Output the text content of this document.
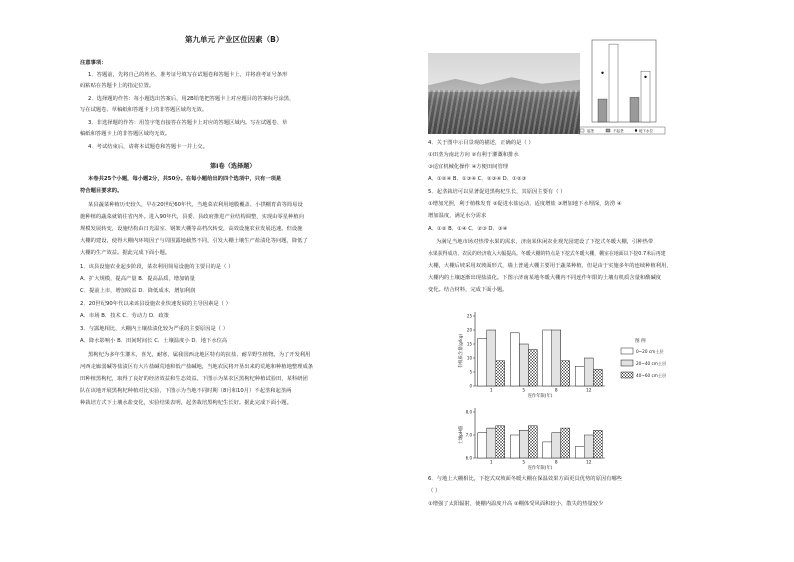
第九单元 产业区位因素（B）
注意事项：
1．答题前，先将自己的姓名、准考证号填写在试题卷和答题卡上，并将准考证号条形
码粘贴在答题卡上的指定位置。
2．选择题的作答：每小题选出答案后，用2B铅笔把答题卡上对应题目的答案标号涂黑，
写在试题卷、草稿纸和答题卡上的非答题区域均无效。
3．非选择题的作答：用签字笔直接答在答题卡上对应的答题区域内。写在试题卷、草
稿纸和答题卡上的非答题区域均无效。
4．考试结束后，请将本试题卷和答题卡一并上交。
第Ⅰ卷（选择题）
本卷共25个小题，每小题2分，共50分。在每小题给出的四个选项中，只有一项是
符合题目要求的。
某县蔬菜种植历史较久，早在20世纪60年代，当地菜农利用地膜覆盖、小拱棚育苗等简易设
施种植的蔬菜就销往省内外。进入90年代，县委、县政府推进产业结构调整，实现由零星种植向
规模发展转变，设施结构由日光温室、钢架大棚等高档次转变，高效设施农业发展迅速。但设施
大棚的建设，使得大棚内环境因子与周围露地截然不同，引发大棚土壤生产盐渍化等问题，降低了
大棚的生产效益。据此完成下面小题。
1．该县设施农业起步阶段，菜农利用简易设施的主要目的是（ ）
A．扩大规模，提高产量 B．提高品质，增加销量
C．提前上市，增加收益 D．降低成本，增加利润
2．20世纪90年代以来该县设施农业快速发展的主导因素是（ ）
A．市场 B．技术 C．劳动力 D．政策
3．与露地相比，大棚内土壤盐渍化较为严重的主要原因是（ ）
A．降水影响小 B．田间时间长 C．土壤温度小 D．地下水位高
黑枸杞为多年生灌木，喜光，耐寒，属我国西北地区特有的抗盐、耐旱野生植物。为了开发利用
河西走廊弱碱等盐渍区有大片盐碱荒地和低产盐碱地，当地农民将开垦出来的荒地和种植地整理成条
田种植黑枸杞，取得了良好的经济效益和生态效益。下图示为某农区黑枸杞种植试验田，某科研团
队在该地开展黑枸杞种植对比实验，下图示为当地不同时期（8月和10月）不起垄和起垄两
种栽培方式下土壤水盐变化，实验结果表明，起垄栽培黑枸杞生长好。据此完成下面小题。
起垄	不起垄	地下水位
4．关于图中示目景观的描述，正确的是（ ）
①田垄为南北方向 ②有利于灌溉和排水
③适宜机械化操作 ④方便田间管理
A．①②④ B．①③④ C．②③④ D．①②③
5．起垄栽培可以显著促进黑枸杞生长，其原因主要有（ ）
①增加光照，利于植株发育 ②促进水盐运动，适度增盐 ③增加地下水埋深，防涝 ④
增加温度，满足水分需求
A．①② B．①④ C．②③ D．③④
为满足当地市场对热带水果的需求，济南某休闲农业观光园建设了下挖式冬暖大棚，引种热带
水果获得成功，农民的经济收入大幅提高。冬暖大棚的特点是下挖式冬暖大棚，棚室在地面以下挖0.7米后再建
大棚，大棚后坡采用双坡面形式，墙上普通大棚主要用于蔬菜种植，但是由于实施多年的连续种植利用，
大棚内的土壤逐渐出现盐渍化。下图示济南某地冬暖大棚内不同连作年限的土壤有机质含量和酸碱度
变化。结合材料，完成下面小题。
0
5
10
15
20
25
有机质含量(g/kg)
1	5	8	12
连作年限(年)
图 例
0~20 cm土层
20~40 cm土层
40~60 cm土层
6.0
7.0
8.0
土壤pH值
1	5	8	12
连作年限(年)
6．与地上大棚相比，下挖式双坡面冬暖大棚在保温效果方面更具优势的原因有哪些
（ ）
①增强了太阳辐射，使棚内温度升高 ②棚体受风面积较小，散失的热量较少
